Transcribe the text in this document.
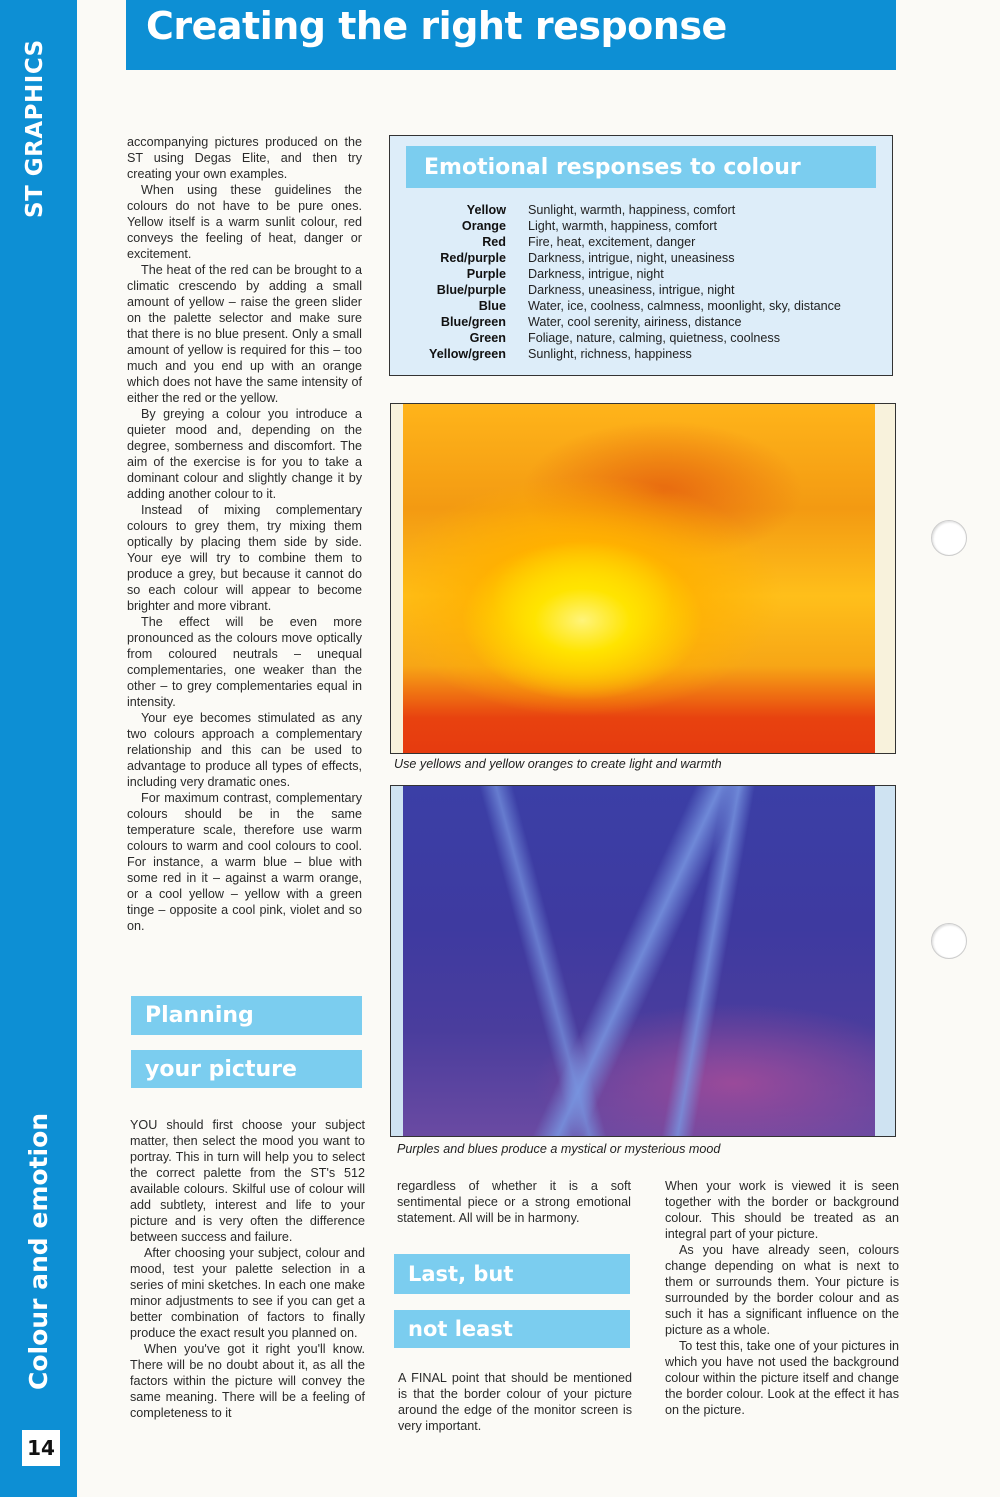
ST GRAPHICS
Colour and emotion
14
Creating the right response

accompanying pictures produced on the ST using Degas Elite, and then try creating your own examples.

When using these guidelines the colours do not have to be pure ones. Yellow itself is a warm sunlit colour, red conveys the feeling of heat, danger or excitement.

The heat of the red can be brought to a climatic crescendo by adding a small amount of yellow – raise the green slider on the palette selector and make sure that there is no blue present. Only a small amount of yellow is required for this – too much and you end up with an orange which does not have the same intensity of either the red or the yellow.

By greying a colour you introduce a quieter mood and, depending on the degree, somberness and discomfort. The aim of the exercise is for you to take a dominant colour and slightly change it by adding another colour to it.

Instead of mixing complementary colours to grey them, try mixing them optically by placing them side by side. Your eye will try to combine them to produce a grey, but because it cannot do so each colour will appear to become brighter and more vibrant.

The effect will be even more pronounced as the colours move optically from coloured neutrals – unequal complementaries, one weaker than the other – to grey complementaries equal in intensity.

Your eye becomes stimulated as any two colours approach a complementary relationship and this can be used to advantage to produce all types of effects, including very dramatic ones.

For maximum contrast, complementary colours should be in the same temperature scale, therefore use warm colours to warm and cool colours to cool. For instance, a warm blue – blue with some red in it – against a warm orange, or a cool yellow – yellow with a green tinge – opposite a cool pink, violet and so on.

Planning
your picture

YOU should first choose your subject matter, then select the mood you want to portray. This in turn will help you to select the correct palette from the ST's 512 available colours. Skilful use of colour will add subtlety, interest and life to your picture and is very often the difference between success and failure.

After choosing your subject, colour and mood, test your palette selection in a series of mini sketches. In each one make minor adjustments to see if you can get a better combination of factors to finally produce the exact result you planned on.

When you've got it right you'll know. There will be no doubt about it, as all the factors within the picture will convey the same meaning. There will be a feeling of completeness to it

Emotional responses to colour
Yellow Sunlight, warmth, happiness, comfort
Orange Light, warmth, happiness, comfort
Red Fire, heat, excitement, danger
Red/purple Darkness, intrigue, night, uneasiness
Purple Darkness, intrigue, night
Blue/purple Darkness, uneasiness, intrigue, night
Blue Water, ice, coolness, calmness, moonlight, sky, distance
Blue/green Water, cool serenity, airiness, distance
Green Foliage, nature, calming, quietness, coolness
Yellow/green Sunlight, richness, happiness
Use yellows and yellow oranges to create light and warmth
Purples and blues produce a mystical or mysterious mood

regardless of whether it is a soft sentimental piece or a strong emotional statement. All will be in harmony.

Last, but
not least

A FINAL point that should be mentioned is that the border colour of your picture around the edge of the monitor screen is very important.

When your work is viewed it is seen together with the border or background colour. This should be treated as an integral part of your picture.

As you have already seen, colours change depending on what is next to them or surrounds them. Your picture is surrounded by the border colour and as such it has a significant influence on the picture as a whole.

To test this, take one of your pictures in which you have not used the background colour within the picture itself and change the border colour. Look at the effect it has on the picture.
